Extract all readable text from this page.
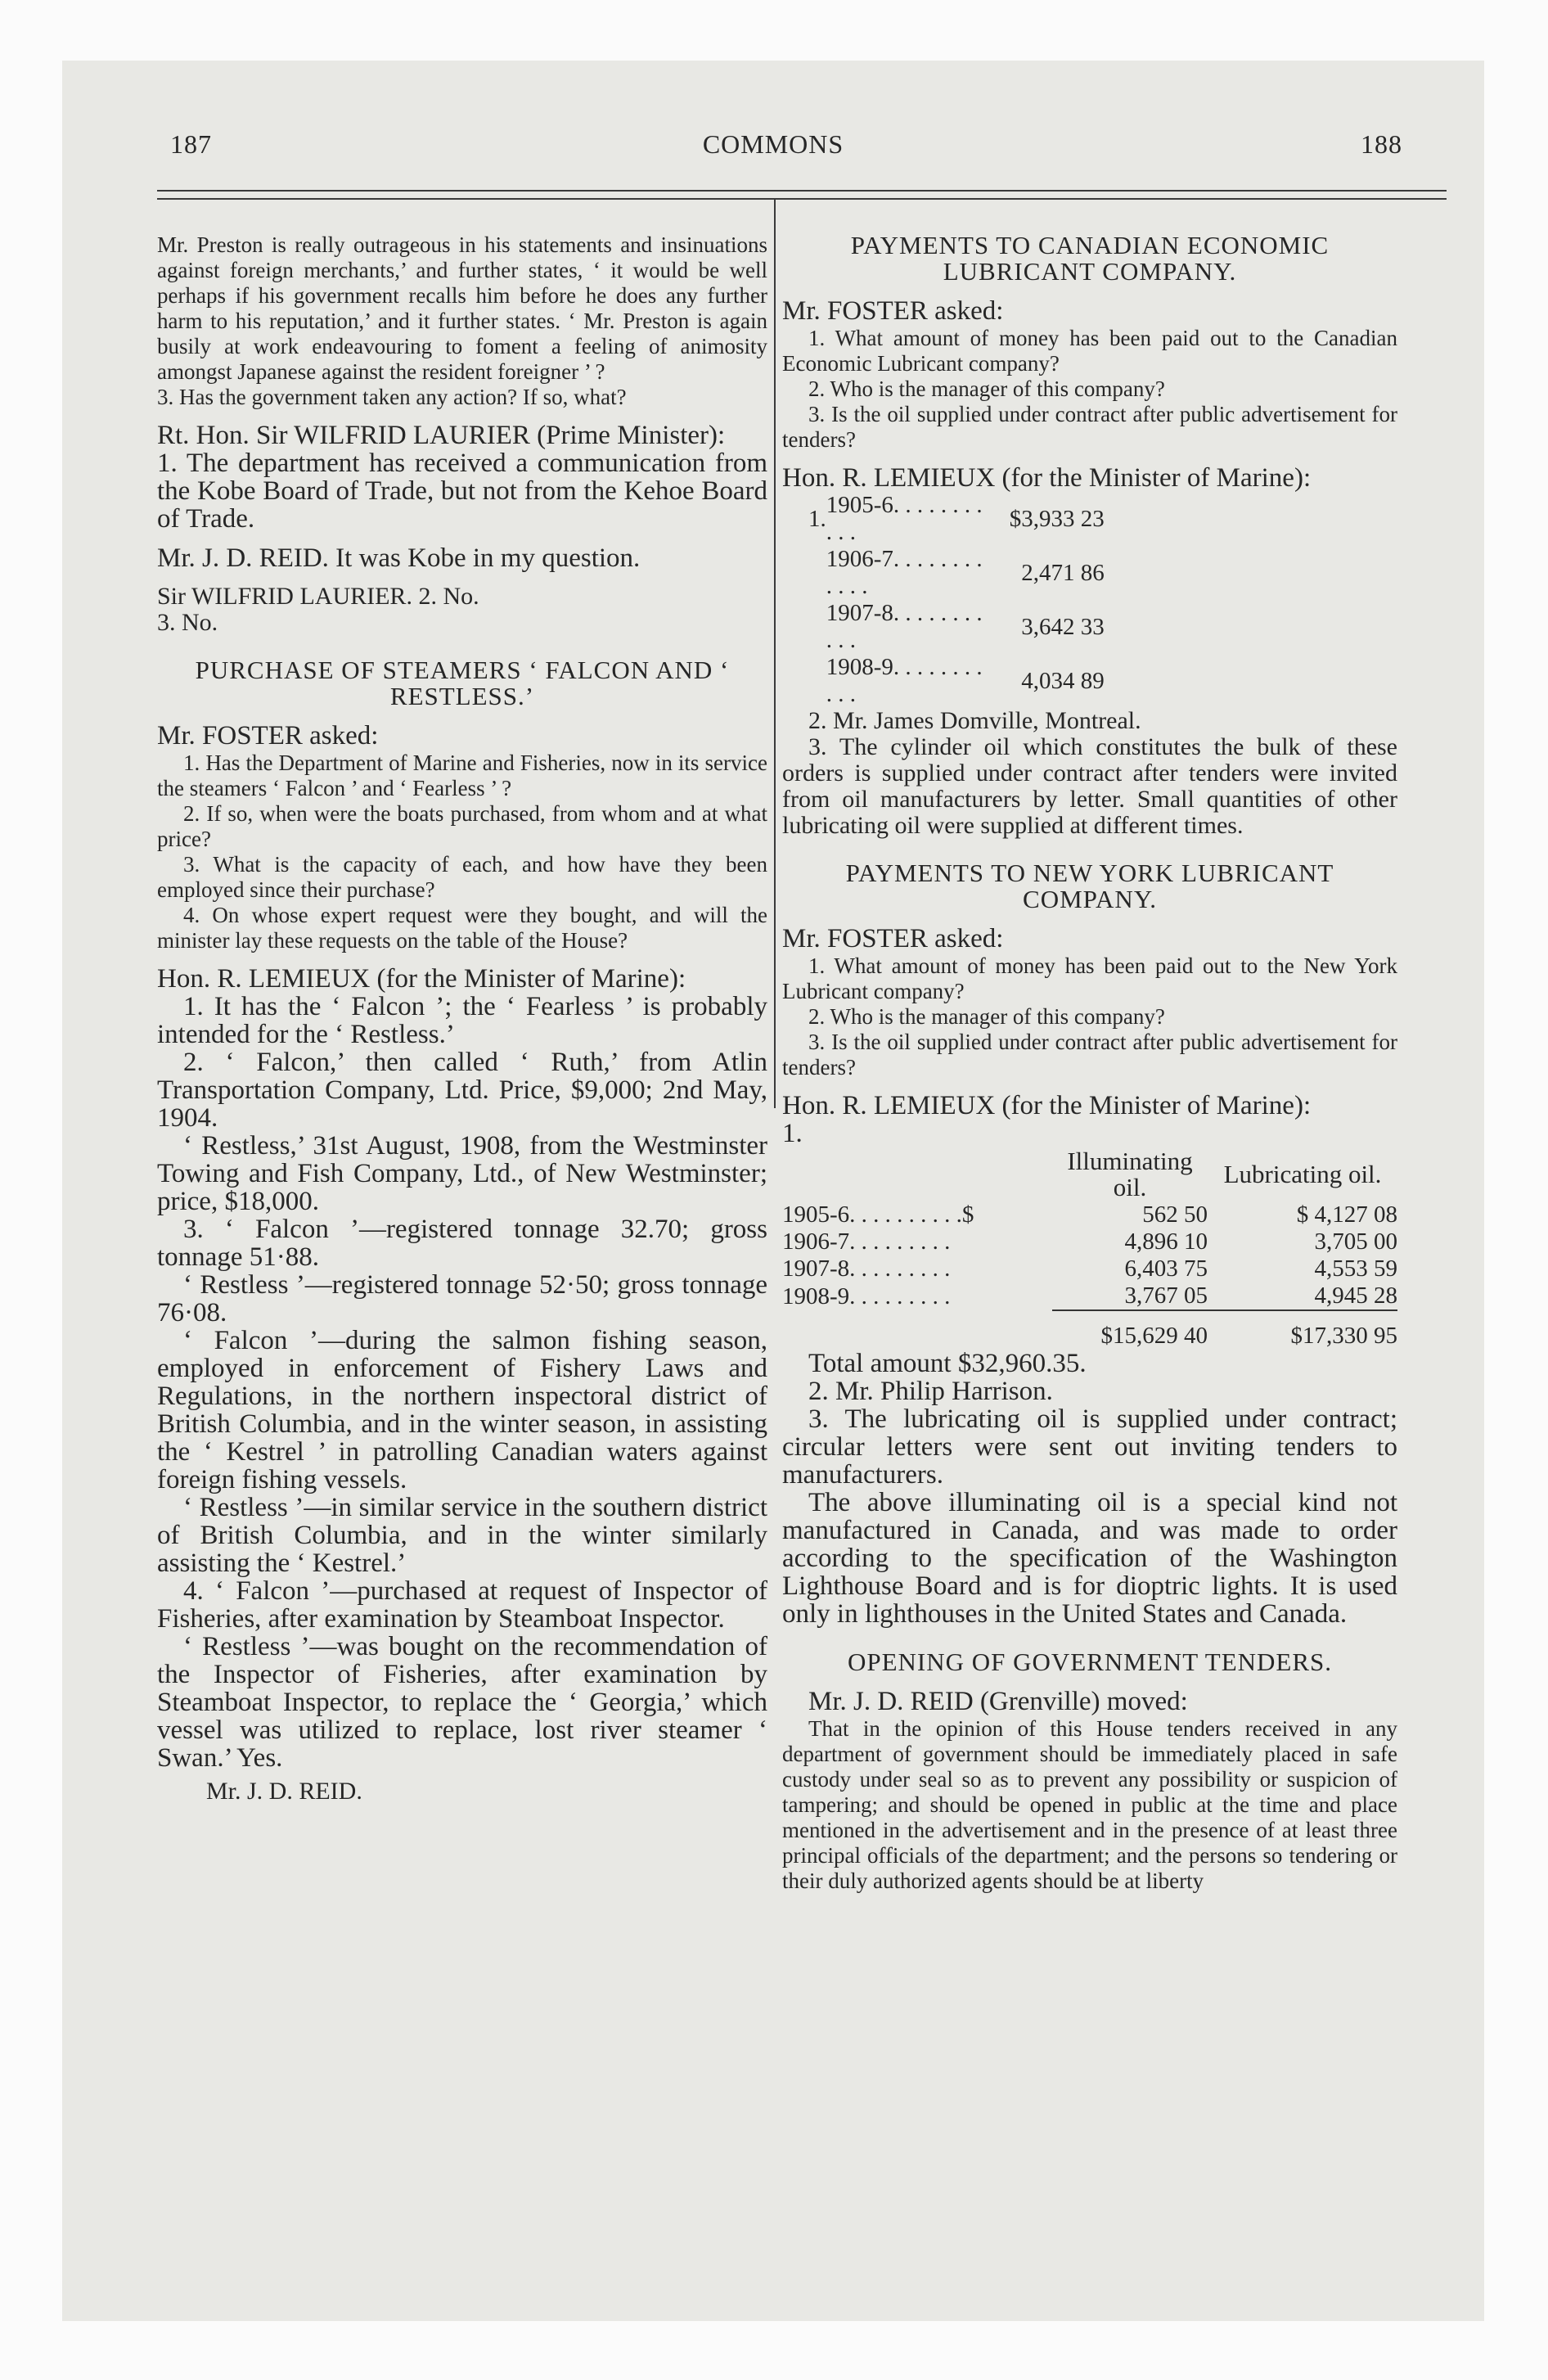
187	COMMONS	188

Mr. Preston is really outrageous in his statements and insinuations against foreign merchants,’ and further states, ‘ it would be well perhaps if his government recalls him before he does any further harm to his reputation,’ and it further states. ‘ Mr. Preston is again busily at work endeavouring to foment a feeling of animosity amongst Japanese against the resident foreigner ’ ?

3. Has the government taken any action? If so, what?

Rt. Hon. Sir WILFRID LAURIER (Prime Minister):

1. The department has received a communication from the Kobe Board of Trade, but not from the Kehoe Board of Trade.

Mr. J. D. REID. It was Kobe in my question.

Sir WILFRID LAURIER. 2. No.

3. No.

PURCHASE OF STEAMERS ‘ FALCON AND ‘ RESTLESS.’

Mr. FOSTER asked:

1. Has the Department of Marine and Fisheries, now in its service the steamers ‘ Falcon ’ and ‘ Fearless ’ ?

2. If so, when were the boats purchased, from whom and at what price?

3. What is the capacity of each, and how have they been employed since their purchase?

4. On whose expert request were they bought, and will the minister lay these requests on the table of the House?

Hon. R. LEMIEUX (for the Minister of Marine):

1. It has the ‘ Falcon ’; the ‘ Fearless ’ is probably intended for the ‘ Restless.’

2. ‘ Falcon,’ then called ‘ Ruth,’ from Atlin Transportation Company, Ltd. Price, $9,000; 2nd May, 1904.

‘ Restless,’ 31st August, 1908, from the Westminster Towing and Fish Company, Ltd., of New Westminster; price, $18,000.

3. ‘ Falcon ’—registered tonnage 32.70; gross tonnage 51·88.

‘ Restless ’—registered tonnage 52·50; gross tonnage 76·08.

‘ Falcon ’—during the salmon fishing season, employed in enforcement of Fishery Laws and Regulations, in the northern inspectoral district of British Columbia, and in the winter season, in assisting the ‘ Kestrel ’ in patrolling Canadian waters against foreign fishing vessels.

‘ Restless ’—in similar service in the southern district of British Columbia, and in the winter similarly assisting the ‘ Kestrel.’

4. ‘ Falcon ’—purchased at request of Inspector of Fisheries, after examination by Steamboat Inspector.

‘ Restless ’—was bought on the recommendation of the Inspector of Fisheries, after examination by Steamboat Inspector, to replace the ‘ Georgia,’ which vessel was utilized to replace, lost river steamer ‘ Swan.’ Yes.

Mr. J. D. REID.

PAYMENTS TO CANADIAN ECONOMIC LUBRICANT COMPANY.

Mr. FOSTER asked:

1. What amount of money has been paid out to the Canadian Economic Lubricant company?

2. Who is the manager of this company?

3. Is the oil supplied under contract after public advertisement for tenders?

Hon. R. LEMIEUX (for the Minister of Marine):

1.	1905-6. . . . . . . . . . .	$3,933 23
	1906-7. . . . . . . . . . . .	2,471 86
	1907-8. . . . . . . . . . .	3,642 33
	1908-9. . . . . . . . . . .	4,034 89

2. Mr. James Domville, Montreal.

3. The cylinder oil which constitutes the bulk of these orders is supplied under contract after tenders were invited from oil manufacturers by letter. Small quantities of other lubricating oil were supplied at different times.

PAYMENTS TO NEW YORK LUBRICANT COMPANY.

Mr. FOSTER asked:

1. What amount of money has been paid out to the New York Lubricant company?

2. Who is the manager of this company?

3. Is the oil supplied under contract after public advertisement for tenders?

Hon. R. LEMIEUX (for the Minister of Marine):

1.

	Illuminating oil.	Lubricating oil.
1905-6. . . . . . . . . .$	562 50	$ 4,127 08
1906-7. . . . . . . . .	4,896 10	3,705 00
1907-8. . . . . . . . .	6,403 75	4,553 59
1908-9. . . . . . . . .	3,767 05	4,945 28
	$15,629 40	$17,330 95

Total amount $32,960.35.

2. Mr. Philip Harrison.

3. The lubricating oil is supplied under contract; circular letters were sent out inviting tenders to manufacturers.

The above illuminating oil is a special kind not manufactured in Canada, and was made to order according to the specification of the Washington Lighthouse Board and is for dioptric lights. It is used only in lighthouses in the United States and Canada.

OPENING OF GOVERNMENT TENDERS.

Mr. J. D. REID (Grenville) moved:

That in the opinion of this House tenders received in any department of government should be immediately placed in safe custody under seal so as to prevent any possibility or suspicion of tampering; and should be opened in public at the time and place mentioned in the advertisement and in the presence of at least three principal officials of the department; and the persons so tendering or their duly authorized agents should be at liberty
